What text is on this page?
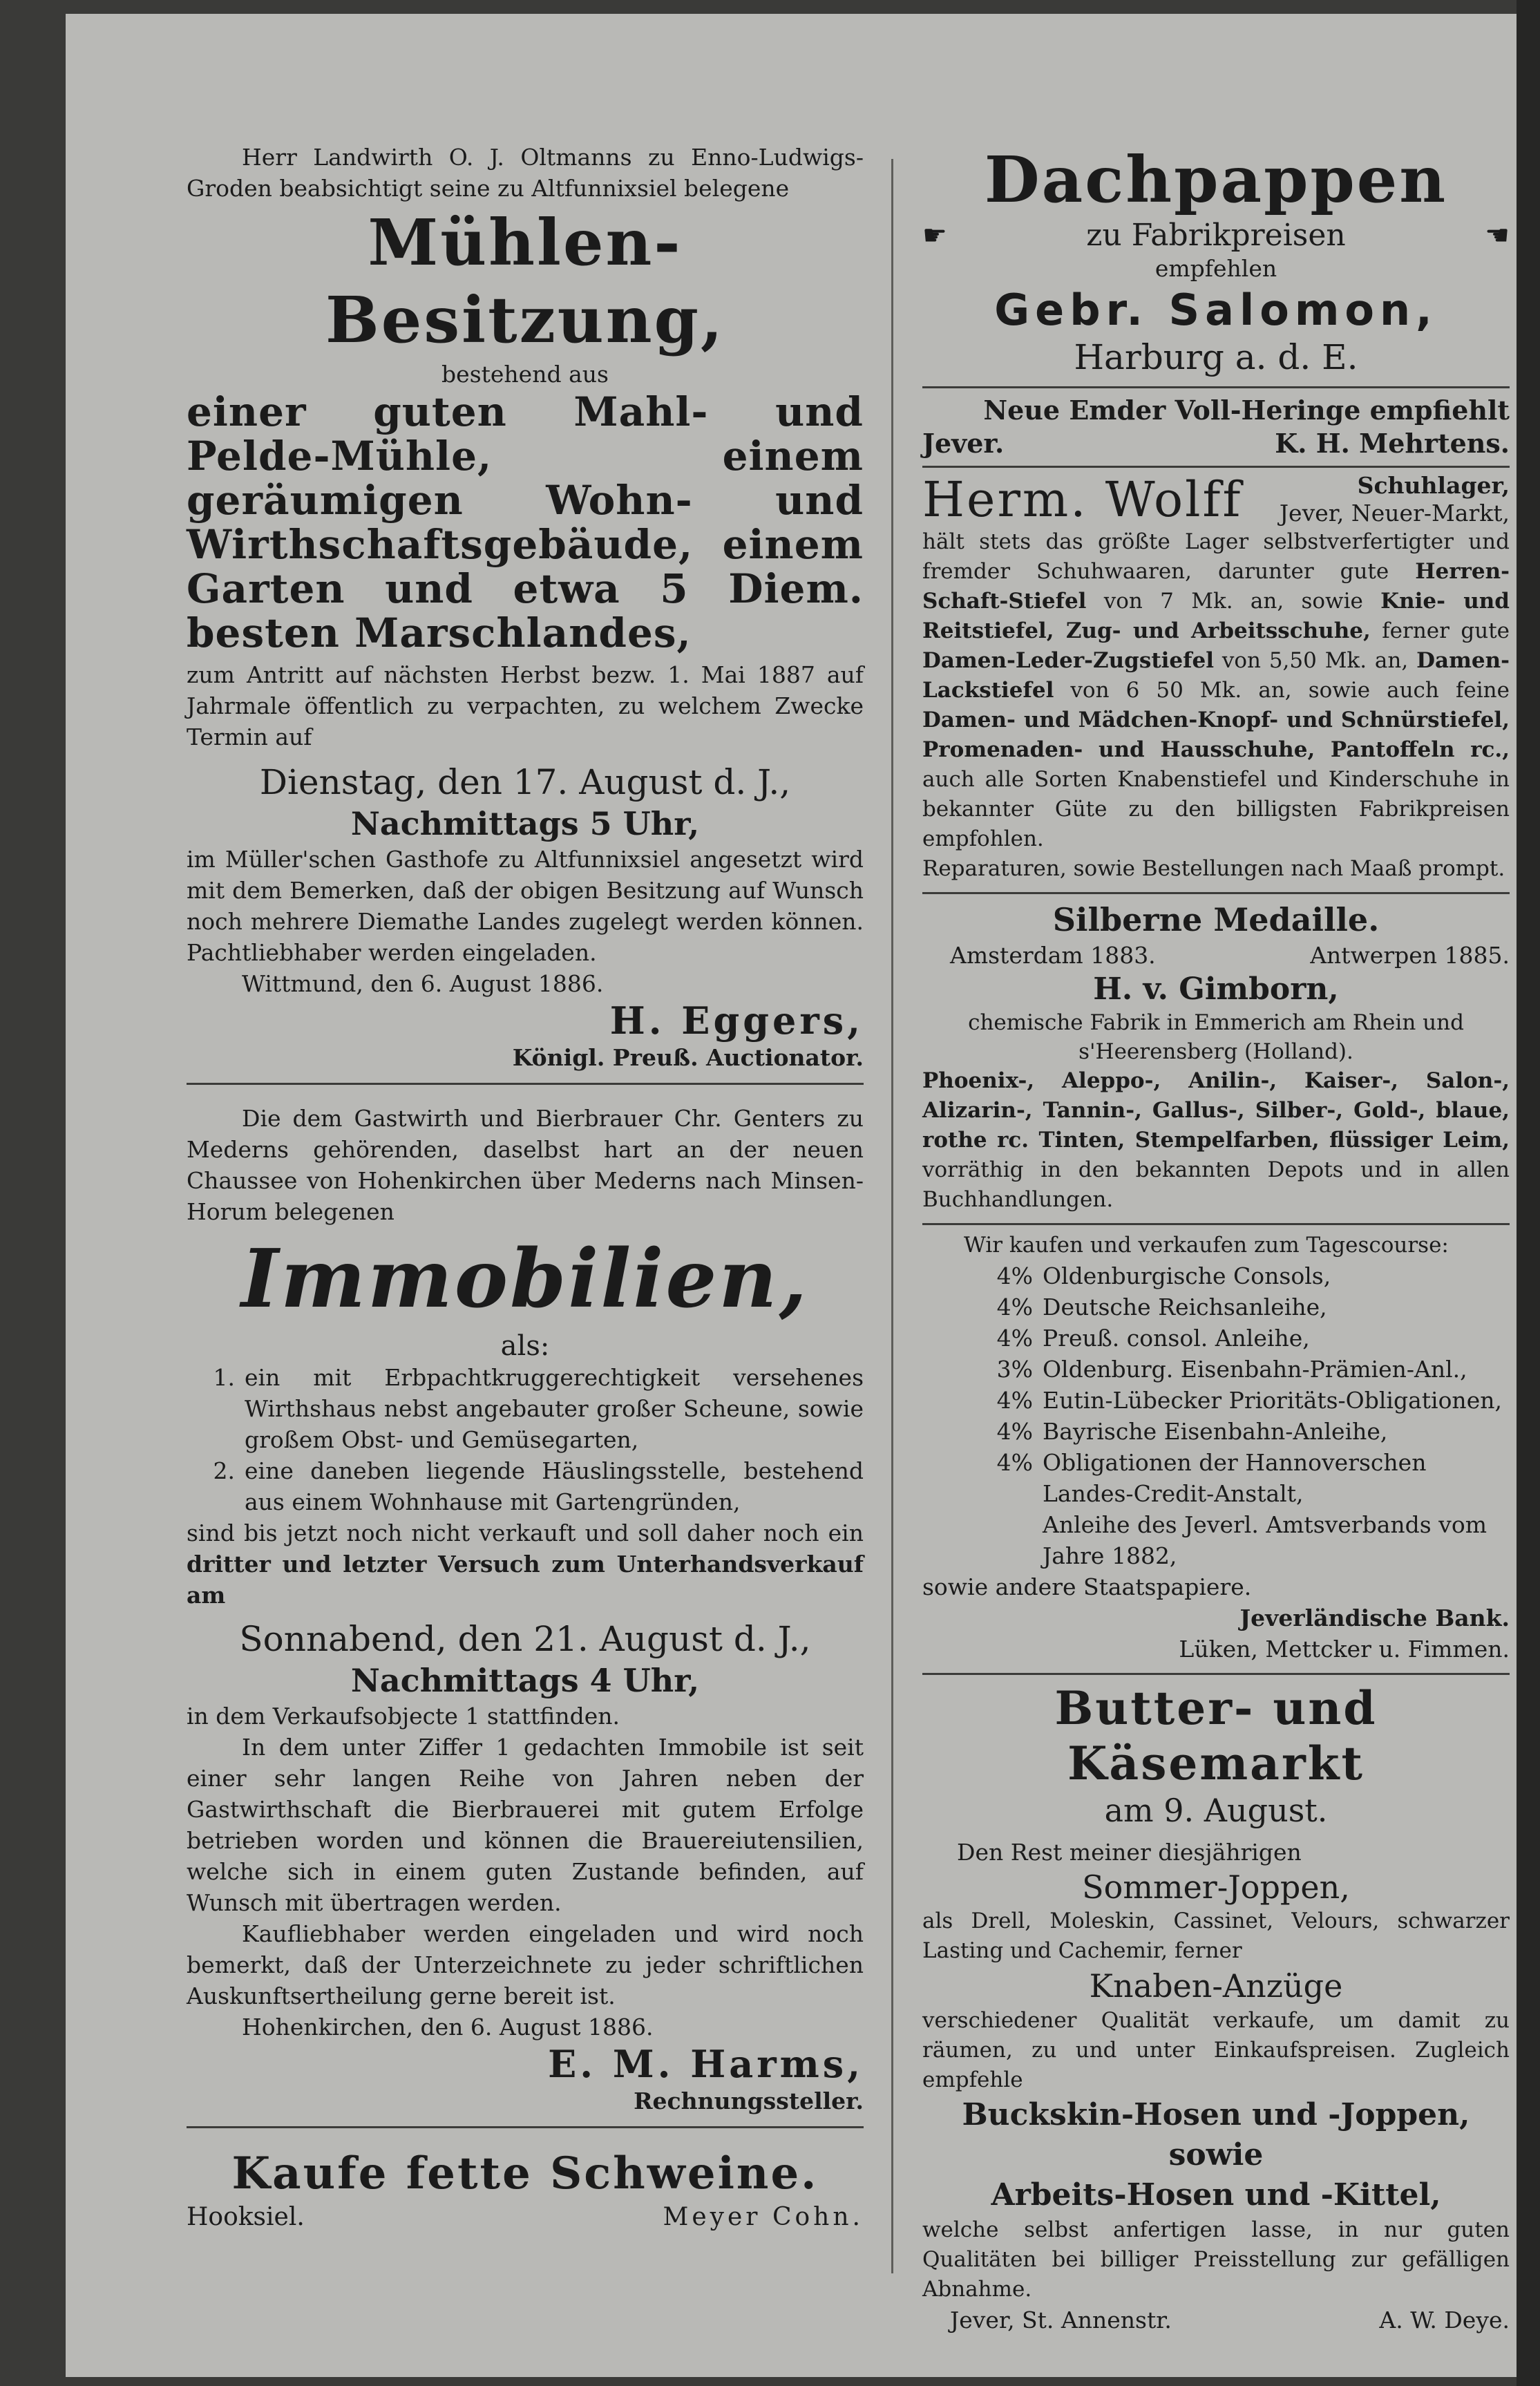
Herr Landwirth O. J. Oltmanns zu Enno-Ludwigs-Groden beabsichtigt seine zu Altfunnixsiel belegene

Mühlen-Besitzung,

bestehend aus

einer guten Mahl- und Pelde-Mühle, einem geräumigen Wohn- und Wirthschaftsgebäude, einem Garten und etwa 5 Diem. besten Marschlandes,

zum Antritt auf nächsten Herbst bezw. 1. Mai 1887 auf Jahrmale öffentlich zu verpachten, zu welchem Zwecke Termin auf

Dienstag, den 17. August d. J.,

Nachmittags 5 Uhr,

im Müller'schen Gasthofe zu Altfunnixsiel angesetzt wird mit dem Bemerken, daß der obigen Besitzung auf Wunsch noch mehrere Diemathe Landes zugelegt werden können. Pachtliebhaber werden eingeladen.

Wittmund, den 6. August 1886.

H. Eggers,

Königl. Preuß. Auctionator.

Die dem Gastwirth und Bierbrauer Chr. Genters zu Mederns gehörenden, daselbst hart an der neuen Chaussee von Hohenkirchen über Mederns nach Minsen-Horum belegenen

Immobilien,

als:

1. ein mit Erbpachtkruggerechtigkeit versehenes Wirthshaus nebst angebauter großer Scheune, sowie großem Obst- und Gemüsegarten,
2. eine daneben liegende Häuslingsstelle, bestehend aus einem Wohnhause mit Gartengründen,

sind bis jetzt noch nicht verkauft und soll daher noch ein dritter und letzter Versuch zum Unterhandsverkauf am

Sonnabend, den 21. August d. J.,

Nachmittags 4 Uhr,

in dem Verkaufsobjecte 1 stattfinden.

In dem unter Ziffer 1 gedachten Immobile ist seit einer sehr langen Reihe von Jahren neben der Gastwirthschaft die Bierbrauerei mit gutem Erfolge betrieben worden und können die Brauereiutensilien, welche sich in einem guten Zustande befinden, auf Wunsch mit übertragen werden.

Kaufliebhaber werden eingeladen und wird noch bemerkt, daß der Unterzeichnete zu jeder schriftlichen Auskunftsertheilung gerne bereit ist.

Hohenkirchen, den 6. August 1886.

E. M. Harms,

Rechnungssteller.

Kaufe fette Schweine.

Hooksiel.	Meyer Cohn.

Dachpappen

☛	zu Fabrikpreisen	☚

empfehlen

Gebr. Salomon,

Harburg a. d. E.

Neue Emder Voll-Heringe empfiehlt

Jever.	K. H. Mehrtens.
Herm. Wolff	Schuhlager,
Jever, Neuer-Markt,

hält stets das größte Lager selbstverfertigter und fremder Schuhwaaren, darunter gute Herren-Schaft-Stiefel von 7 Mk. an, sowie Knie- und Reitstiefel, Zug- und Arbeitsschuhe, ferner gute Damen-Leder-Zugstiefel von 5,50 Mk. an, Damen-Lackstiefel von 6 50 Mk. an, sowie auch feine Damen- und Mädchen-Knopf- und Schnürstiefel, Promenaden- und Hausschuhe, Pantoffeln rc., auch alle Sorten Knabenstiefel und Kinderschuhe in bekannter Güte zu den billigsten Fabrikpreisen empfohlen.

Reparaturen, sowie Bestellungen nach Maaß prompt.

Silberne Medaille.

Amsterdam 1883.	Antwerpen 1885.

H. v. Gimborn,

chemische Fabrik in Emmerich am Rhein und s'Heerensberg (Holland).

Phoenix-, Aleppo-, Anilin-, Kaiser-, Salon-, Alizarin-, Tannin-, Gallus-, Silber-, Gold-, blaue, rothe rc. Tinten, Stempelfarben, flüssiger Leim, vorräthig in den bekannten Depots und in allen Buchhandlungen.

Wir kaufen und verkaufen zum Tagescourse:

4% Oldenburgische Consols,
4% Deutsche Reichsanleihe,
4% Preuß. consol. Anleihe,
3% Oldenburg. Eisenbahn-Prämien-Anl.,
4% Eutin-Lübecker Prioritäts-Obligationen,
4% Bayrische Eisenbahn-Anleihe,
4% Obligationen der Hannoverschen Landes-Credit-Anstalt,
Anleihe des Jeverl. Amtsverbands vom Jahre 1882,

sowie andere Staatspapiere.

Jeverländische Bank.

Lüken, Mettcker u. Fimmen.

Butter- und Käsemarkt

am 9. August.

Den Rest meiner diesjährigen

Sommer-Joppen,

als Drell, Moleskin, Cassinet, Velours, schwarzer Lasting und Cachemir, ferner

Knaben-Anzüge

verschiedener Qualität verkaufe, um damit zu räumen, zu und unter Einkaufspreisen. Zugleich empfehle

Buckskin-Hosen und -Joppen, sowie

Arbeits-Hosen und -Kittel,

welche selbst anfertigen lasse, in nur guten Qualitäten bei billiger Preisstellung zur gefälligen Abnahme.

Jever, St. Annenstr.	A. W. Deye.
